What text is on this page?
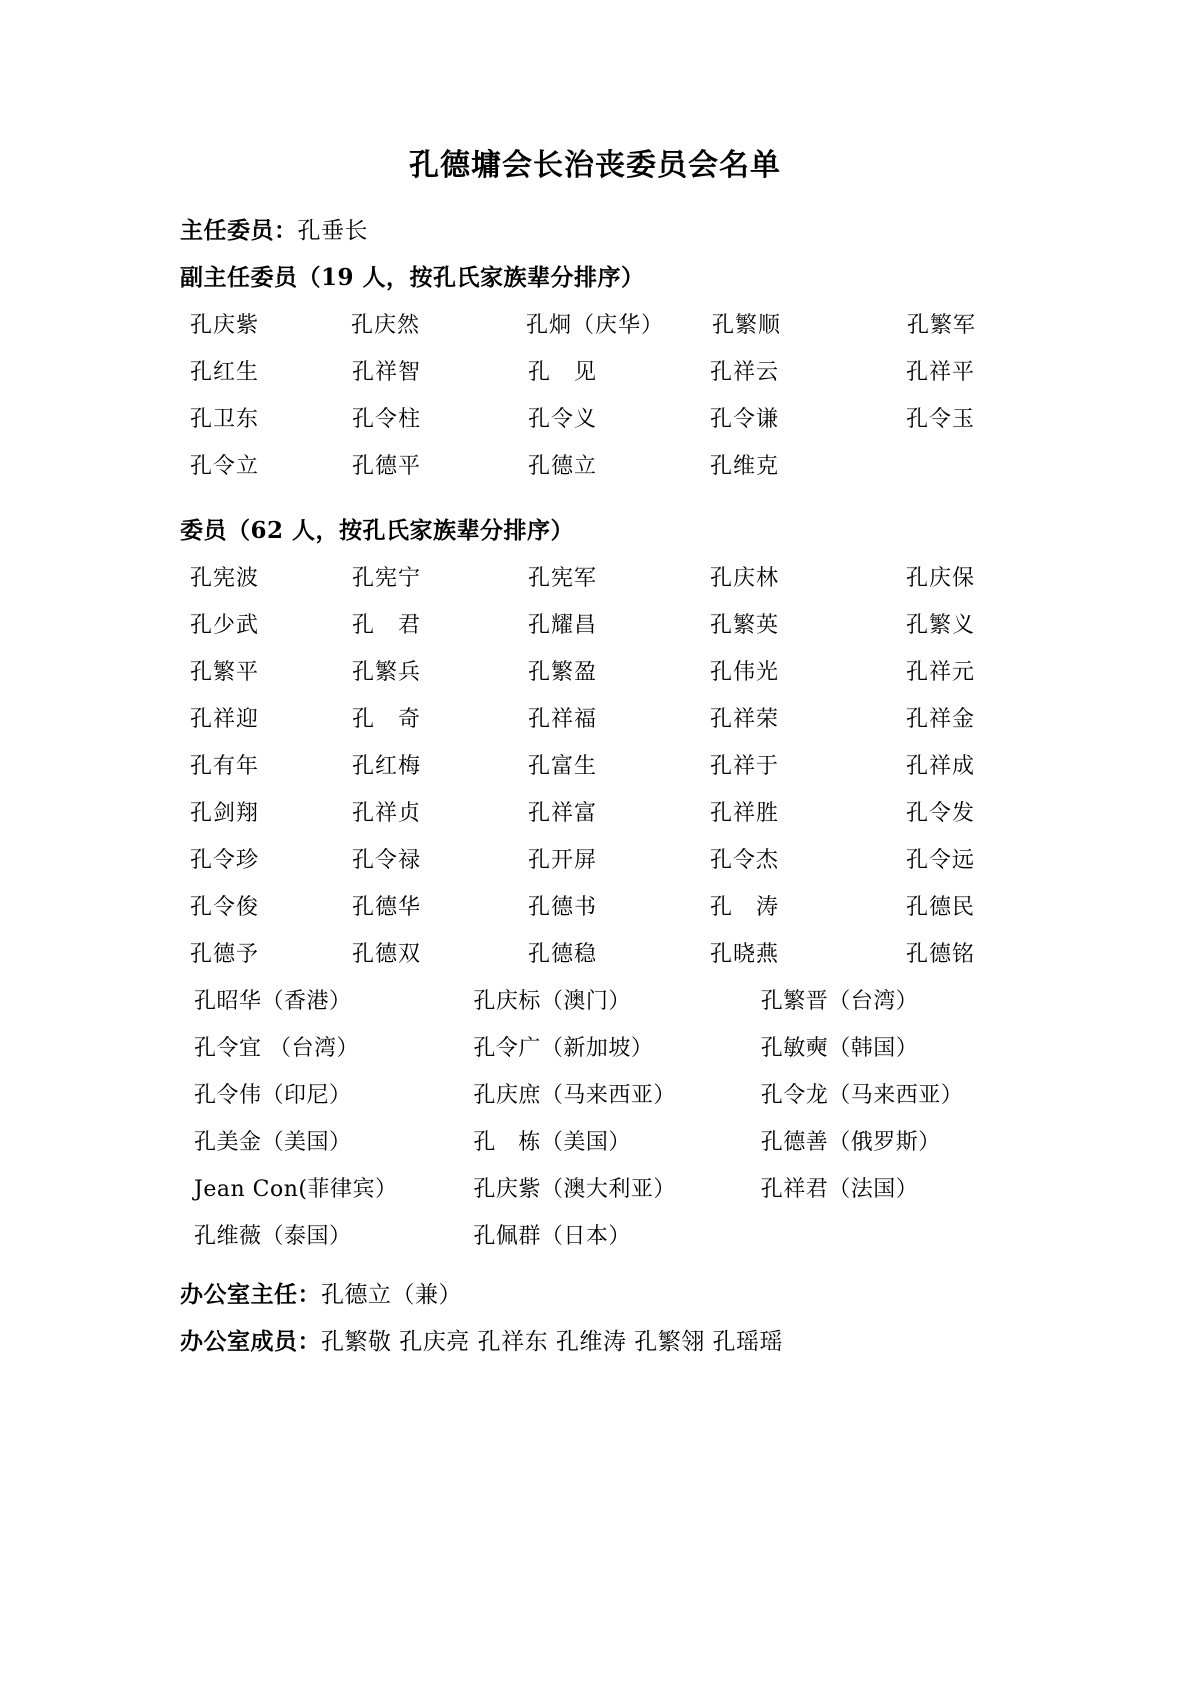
孔德墉会长治丧委员会名单
主任委员：孔垂长
副主任委员（19 人，按孔氏家族辈分排序）
孔庆紫	孔庆然	孔炯（庆华）	孔繁顺	孔繁军
孔红生	孔祥智	孔　见	孔祥云	孔祥平
孔卫东	孔令柱	孔令义	孔令谦	孔令玉
孔令立	孔德平	孔德立	孔维克
委员（62 人，按孔氏家族辈分排序）
孔宪波	孔宪宁	孔宪军	孔庆林	孔庆保
孔少武	孔　君	孔耀昌	孔繁英	孔繁义
孔繁平	孔繁兵	孔繁盈	孔伟光	孔祥元
孔祥迎	孔　奇	孔祥福	孔祥荣	孔祥金
孔有年	孔红梅	孔富生	孔祥于	孔祥成
孔剑翔	孔祥贞	孔祥富	孔祥胜	孔令发
孔令珍	孔令禄	孔开屏	孔令杰	孔令远
孔令俊	孔德华	孔德书	孔　涛	孔德民
孔德予	孔德双	孔德稳	孔晓燕	孔德铭
孔昭华（香港）	孔庆标（澳门）	孔繁晋（台湾）
孔令宜 （台湾）	孔令广（新加坡）	孔敏奭（韩国）
孔令伟（印尼）	孔庆庶（马来西亚）	孔令龙（马来西亚）
孔美金（美国）	孔　栋（美国）	孔德善（俄罗斯）
Jean Con(菲律宾）	孔庆紫（澳大利亚）	孔祥君（法国）
孔维薇（泰国）	孔佩群（日本）
办公室主任：孔德立（兼）
办公室成员：孔繁敬 孔庆亮 孔祥东 孔维涛 孔繁翎 孔瑶瑶
